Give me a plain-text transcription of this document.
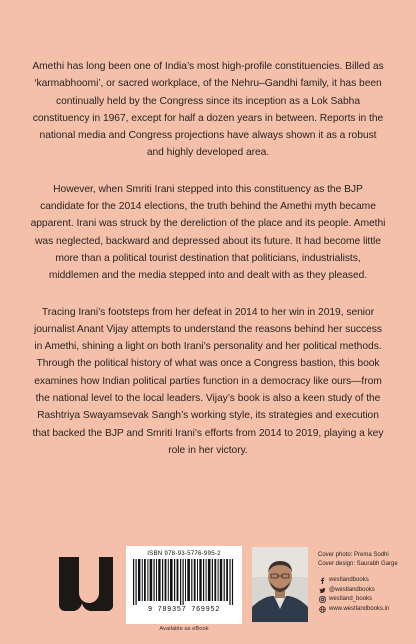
Amethi has long been one of India’s most high-profile constituencies. Billed as ‘karmabhoomi’, or sacred workplace, of the Nehru–Gandhi family, it has been continually held by the Congress since its inception as a Lok Sabha constituency in 1967, except for half a dozen years in between. Reports in the national media and Congress projections have always shown it as a robust and highly developed area.

However, when Smriti Irani stepped into this constituency as the BJP candidate for the 2014 elections, the truth behind the Amethi myth became apparent. Irani was struck by the dereliction of the place and its people. Amethi was neglected, backward and depressed about its future. It had become little more than a political tourist destination that politicians, industrialists, middlemen and the media stepped into and dealt with as they pleased.

Tracing Irani’s footsteps from her defeat in 2014 to her win in 2019, senior journalist Anant Vijay attempts to understand the reasons behind her success in Amethi, shining a light on both Irani’s personality and her political methods. Through the political history of what was once a Congress bastion, this book examines how Indian political parties function in a democracy like ours—from the national level to the local leaders. Vijay’s book is also a keen study of the Rashtriya Swayamsevak Sangh’s working style, its strategies and execution that backed the BJP and Smriti Irani’s efforts from 2014 to 2019, playing a key role in her victory.

ISBN 978-93-5776-995-2
9 789357 769952
Available as eBook
Cover photo: Prema Sodhi
Cover design: Saurabh Garge
westlandbooks
@westlandbooks
westland_books
www.westlandbooks.in
